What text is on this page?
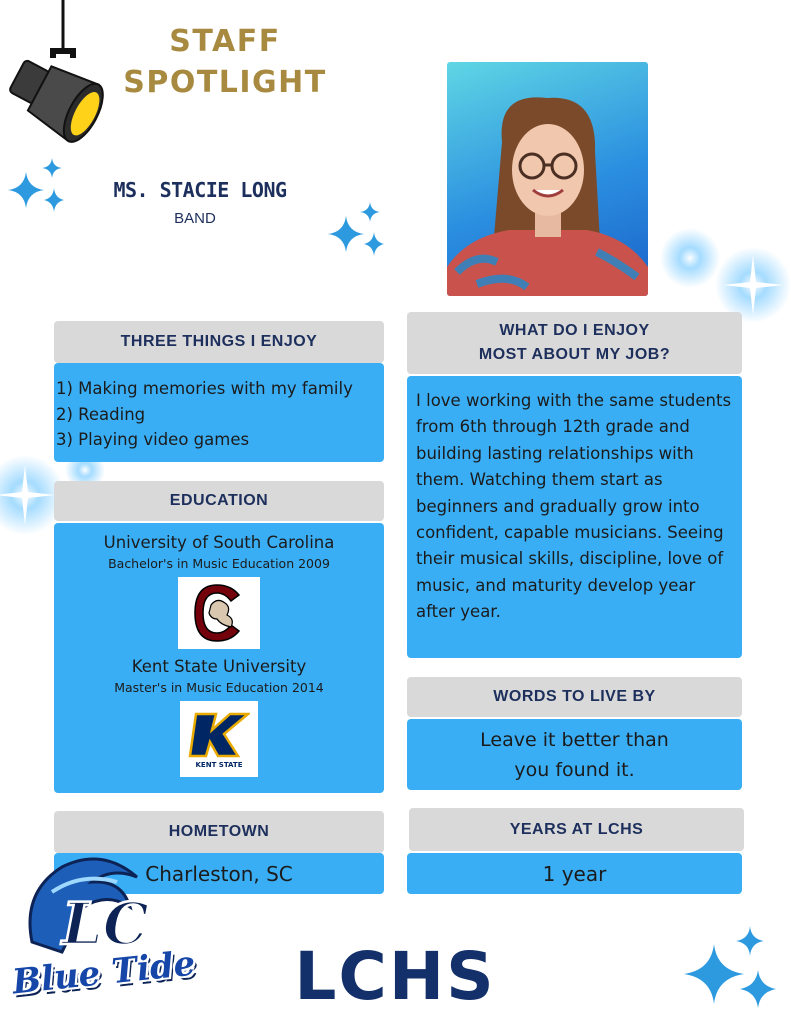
STAFF
SPOTLIGHT
MS. STACIE LONG
BAND
THREE THINGS I ENJOY
1) Making memories with my family
2) Reading
3) Playing video games
EDUCATION
University of South Carolina
Bachelor's in Music Education 2009
Kent State University
Master's in Music Education 2014
KENT STATE
WHAT DO I ENJOY
MOST ABOUT MY JOB?
I love working with the same students from 6th through 12th grade and building lasting relationships with them. Watching them start as beginners and gradually grow into confident, capable musicians. Seeing their musical skills, discipline, love of music, and maturity develop year after year.
WORDS TO LIVE BY
Leave it better than
you found it.
HOMETOWN
Charleston, SC
YEARS AT LCHS
1 year
LC
Blue Tide LCHS
